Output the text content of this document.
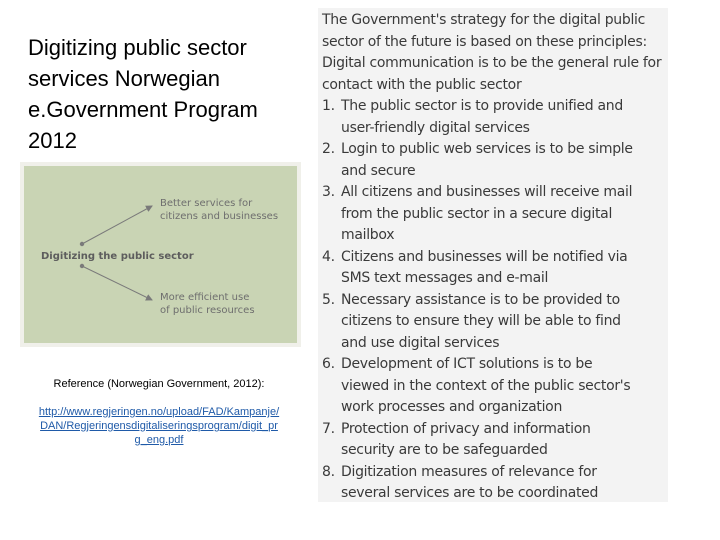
Digitizing public sector
services Norwegian
e.Government Program
2012
Better services for
citizens and businesses
Digitizing the public sector
More efficient use
of public resources
Reference (Norwegian Government, 2012):
http://www.regjeringen.no/upload/FAD/Kampanje/
DAN/Regjeringensdigitaliseringsprogram/digit_pr
g_eng.pdf
The Government's strategy for the digital public
sector of the future is based on these principles:
Digital communication is to be the general rule for
contact with the public sector
1. The public sector is to provide unified and
user-friendly digital services
2. Login to public web services is to be simple
and secure
3. All citizens and businesses will receive mail
from the public sector in a secure digital
mailbox
4. Citizens and businesses will be notified via
SMS text messages and e-mail
5. Necessary assistance is to be provided to
citizens to ensure they will be able to find
and use digital services
6. Development of ICT solutions is to be
viewed in the context of the public sector's
work processes and organization
7. Protection of privacy and information
security are to be safeguarded
8. Digitization measures of relevance for
several services are to be coordinated
